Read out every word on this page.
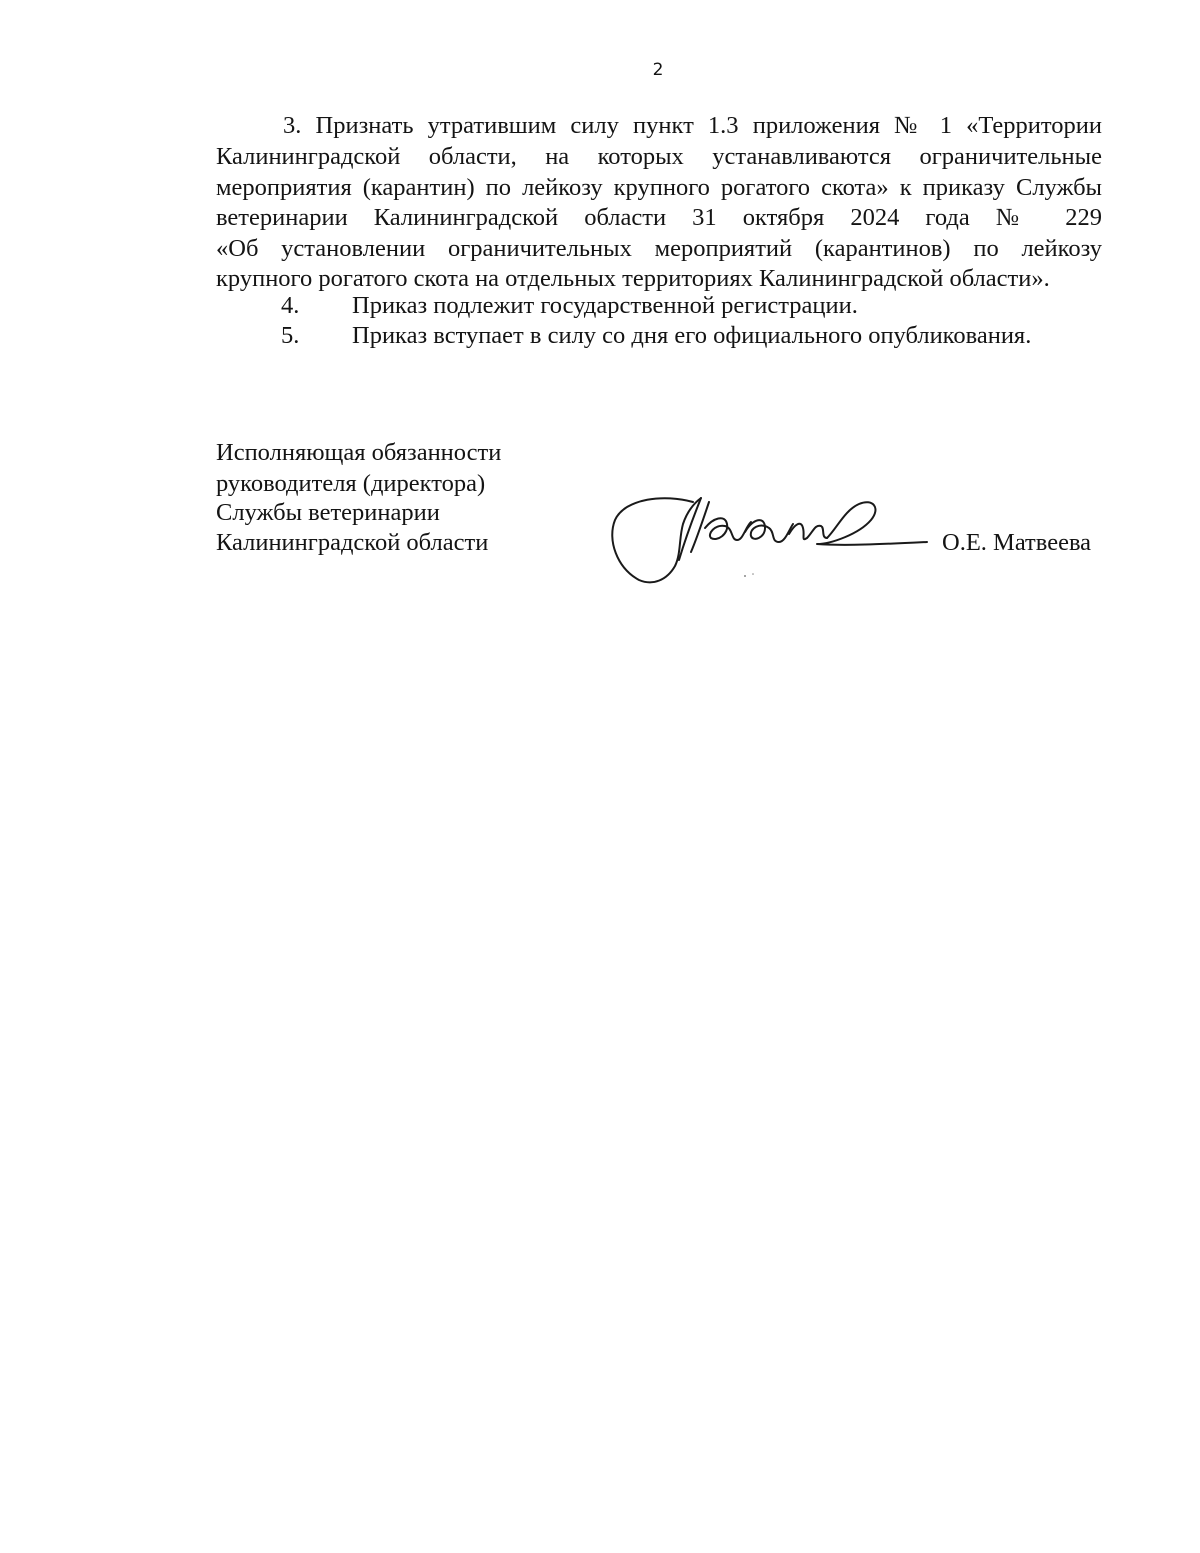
2
3. Признать утратившим силу пункт 1.3 приложения № 1 «Территории
Калининградской области, на которых устанавливаются ограничительные
мероприятия (карантин) по лейкозу крупного рогатого скота» к приказу Службы
ветеринарии Калининградской области 31 октября 2024 года № 229
«Об установлении ограничительных мероприятий (карантинов) по лейкозу
крупного рогатого скота на отдельных территориях Калининградской области».
4. Приказ подлежит государственной регистрации.
5. Приказ вступает в силу со дня его официального опубликования.
Исполняющая обязанности
руководителя (директора)
Службы ветеринарии
Калининградской области	О.Е. Матвеева
